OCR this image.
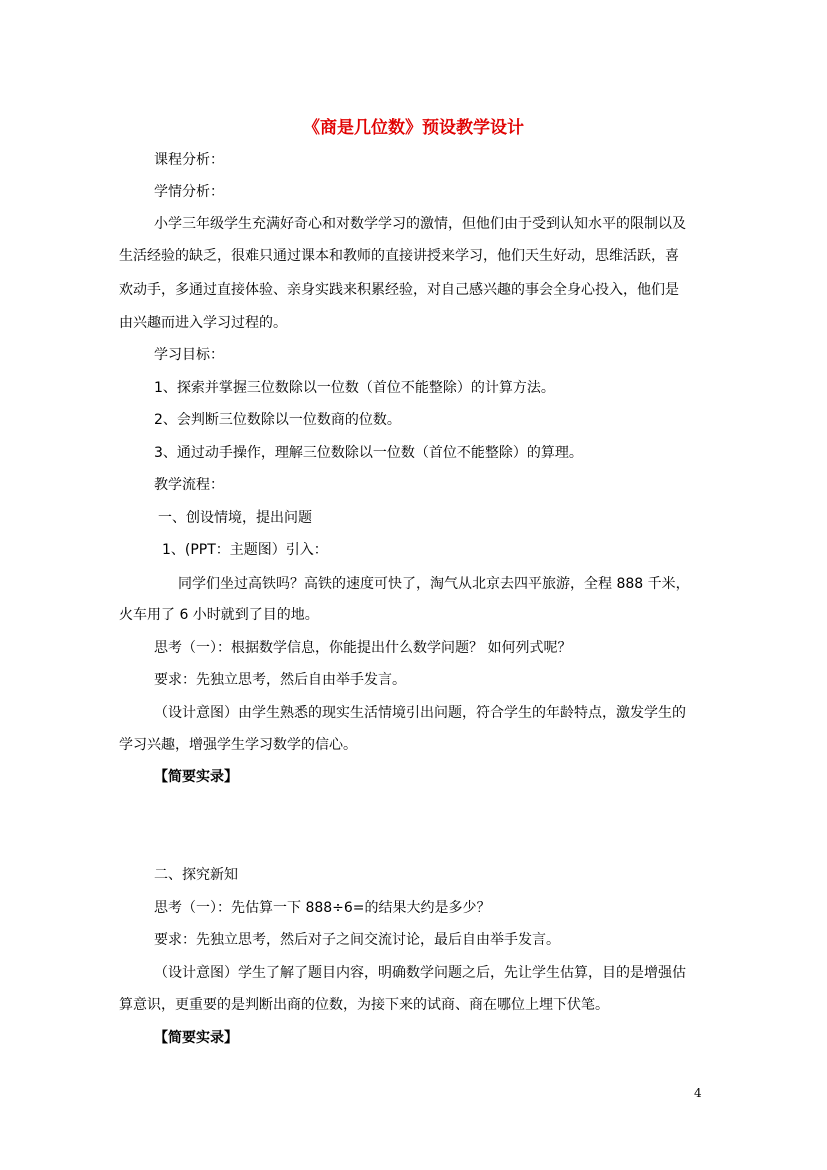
《商是几位数》预设教学设计
课程分析：
学情分析：
小学三年级学生充满好奇心和对数学学习的激情，但他们由于受到认知水平的限制以及
生活经验的缺乏，很难只通过课本和教师的直接讲授来学习，他们天生好动，思维活跃，喜
欢动手，多通过直接体验、亲身实践来积累经验，对自己感兴趣的事会全身心投入，他们是
由兴趣而进入学习过程的。
学习目标：
1、探索并掌握三位数除以一位数（首位不能整除）的计算方法。
2、会判断三位数除以一位数商的位数。
3、通过动手操作，理解三位数除以一位数（首位不能整除）的算理。
教学流程：
一、创设情境，提出问题
1、(PPT：主题图）引入：
同学们坐过高铁吗？高铁的速度可快了，淘气从北京去四平旅游，全程 888 千米，
火车用了 6 小时就到了目的地。
思考（一）：根据数学信息，你能提出什么数学问题？ 如何列式呢？
要求：先独立思考，然后自由举手发言。
（设计意图）由学生熟悉的现实生活情境引出问题，符合学生的年龄特点，激发学生的
学习兴趣，增强学生学习数学的信心。
【简要实录】
二、探究新知
思考（一）：先估算一下 888÷6=的结果大约是多少？
要求：先独立思考，然后对子之间交流讨论，最后自由举手发言。
（设计意图）学生了解了题目内容，明确数学问题之后，先让学生估算，目的是增强估
算意识，更重要的是判断出商的位数，为接下来的试商、商在哪位上埋下伏笔。
【简要实录】
4
